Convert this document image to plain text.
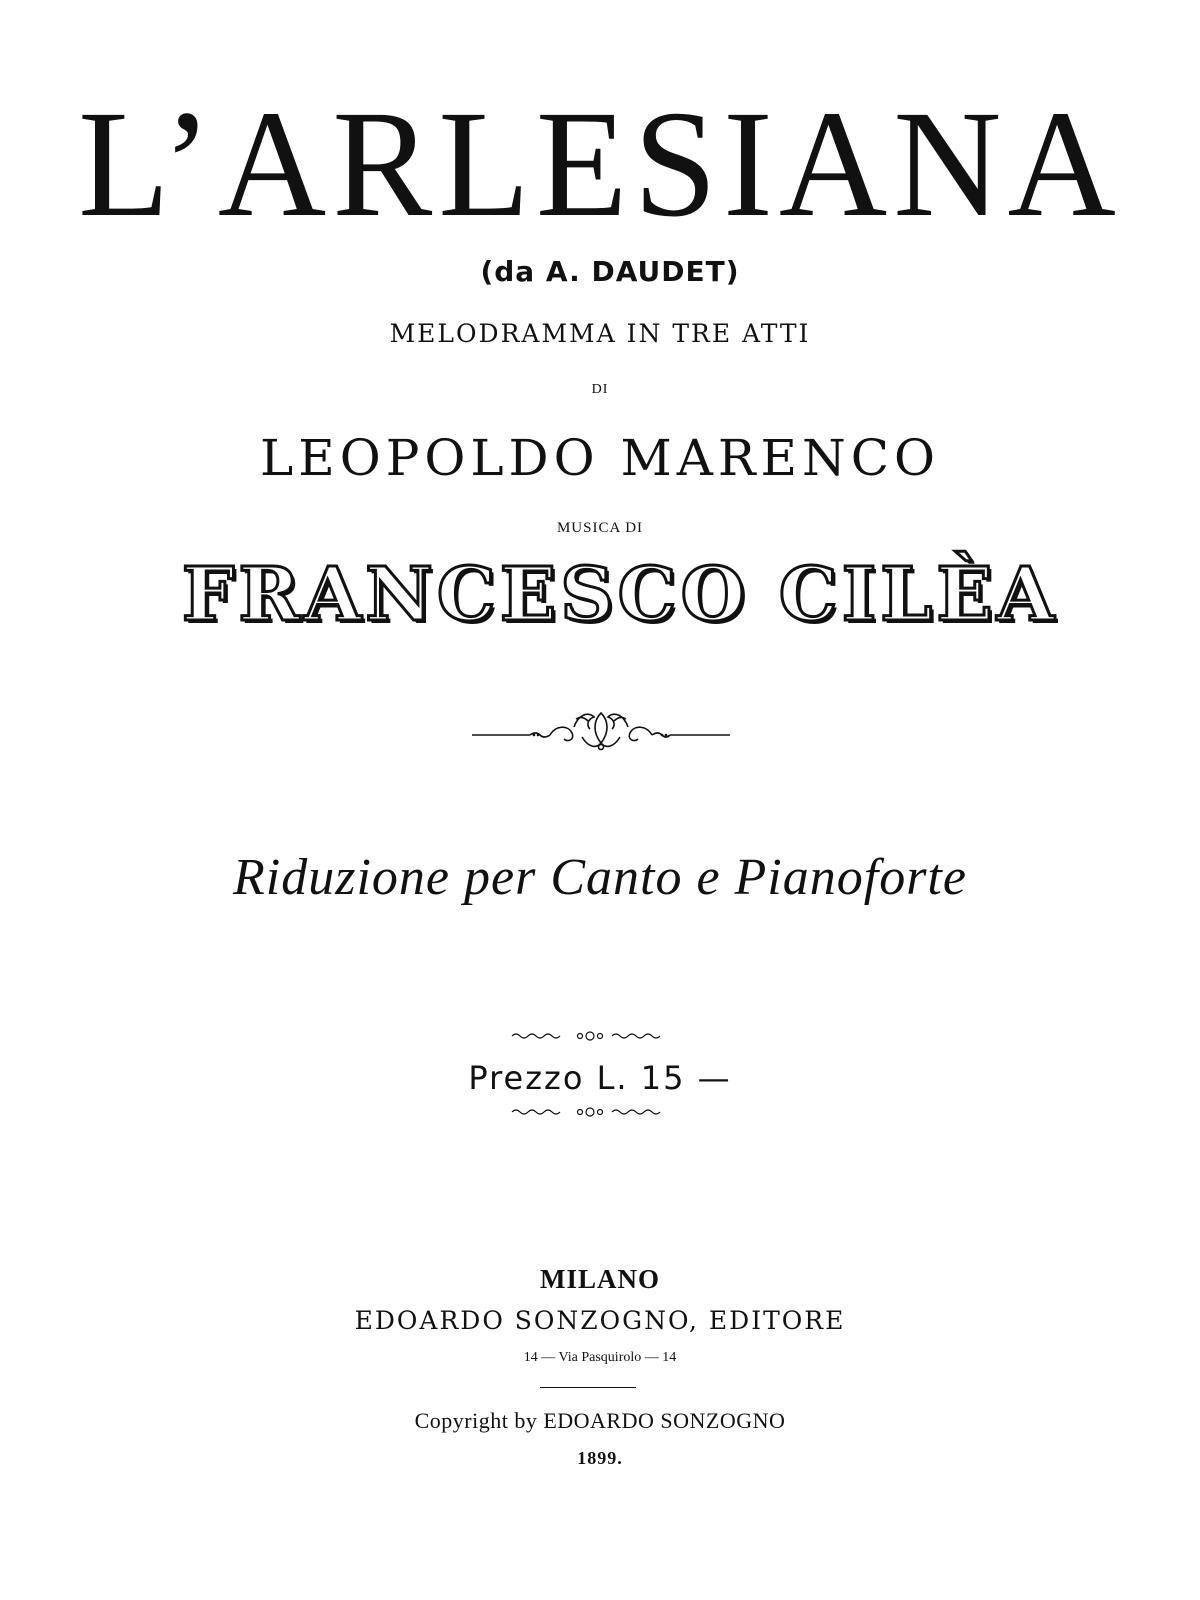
L’ARLESIANA
(da A. DAUDET)
MELODRAMMA IN TRE ATTI
DI
LEOPOLDO MARENCO
MUSICA DI
FRANCESCO CILÈA
Riduzione per Canto e Pianoforte
Prezzo L. 15 —
MILANO
EDOARDO SONZOGNO, EDITORE
14 — Via Pasquirolo — 14
Copyright by EDOARDO SONZOGNO
1899.
